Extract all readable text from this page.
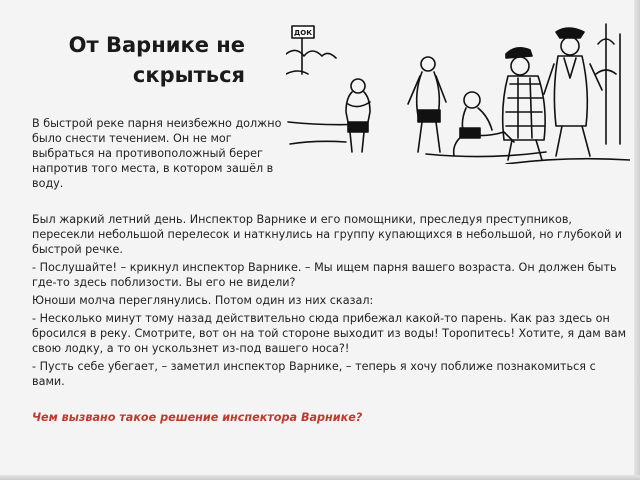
От Варнике не
скрыться
ДОК
В быстрой реке парня неизбежно должно было снести течением. Он не мог выбраться на противоположный берег напротив того места, в котором зашёл в воду.

Был жаркий летний день. Инспектор Варнике и его помощники, преследуя преступников, пересекли небольшой перелесок и наткнулись на группу купающихся в небольшой, но глубокой и быстрой речке.

- Послушайте! – крикнул инспектор Варнике. – Мы ищем парня вашего возраста. Он должен быть где-то здесь поблизости. Вы его не видели?

Юноши молча переглянулись. Потом один из них сказал:

- Несколько минут тому назад действительно сюда прибежал какой-то парень. Как раз здесь он бросился в реку. Смотрите, вот он на той стороне выходит из воды! Торопитесь! Хотите, я дам вам свою лодку, а то он ускользнет из-под вашего носа?!

- Пусть себе убегает, – заметил инспектор Варнике, – теперь я хочу поближе познакомиться с вами.

Чем вызвано такое решение инспектора Варнике?
